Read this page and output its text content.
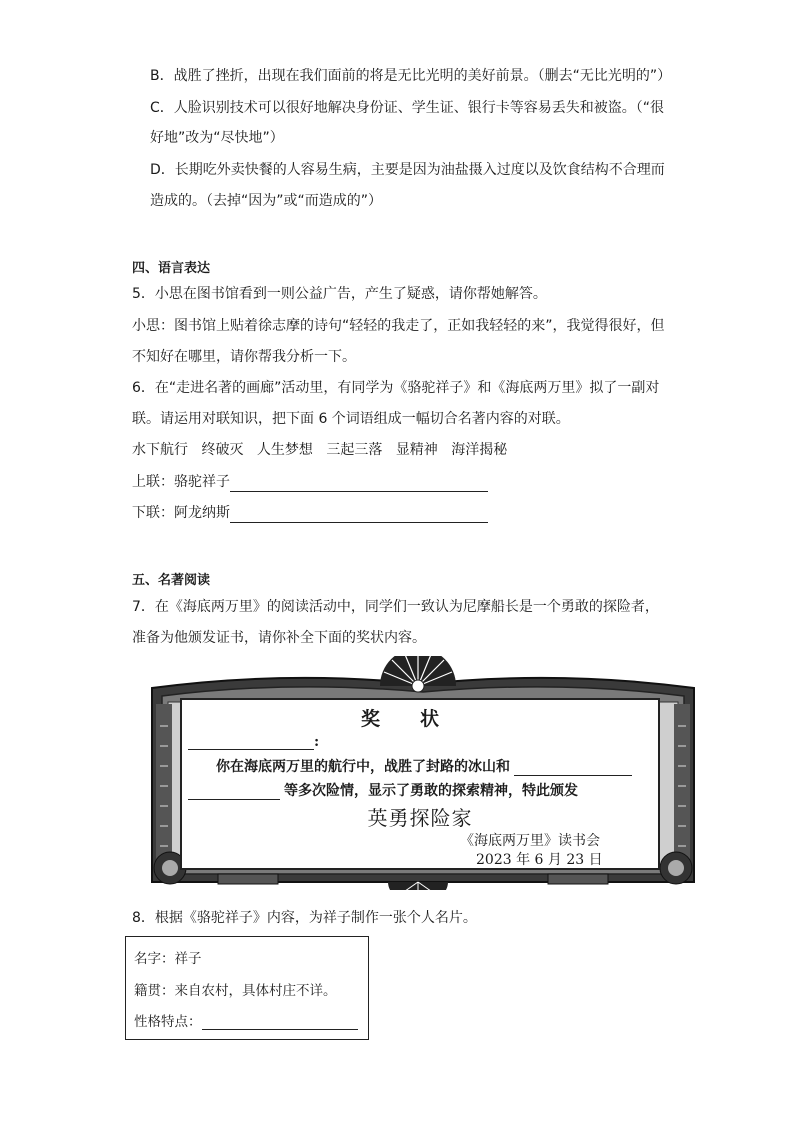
B．战胜了挫折，出现在我们面前的将是无比光明的美好前景。（删去“无比光明的”）
C．人脸识别技术可以很好地解决身份证、学生证、银行卡等容易丢失和被盗。（“很
好地”改为“尽快地”）
D．长期吃外卖快餐的人容易生病，主要是因为油盐摄入过度以及饮食结构不合理而
造成的。（去掉“因为”或“而造成的”）
四、语言表达
5．小思在图书馆看到一则公益广告，产生了疑惑，请你帮她解答。
小思：图书馆上贴着徐志摩的诗句“轻轻的我走了，正如我轻轻的来”，我觉得很好，但
不知好在哪里，请你帮我分析一下。
6．在“走进名著的画廊”活动里，有同学为《骆驼祥子》和《海底两万里》拟了一副对
联。请运用对联知识，把下面 6 个词语组成一幅切合名著内容的对联。
水下航行 终破灭 人生梦想 三起三落 显精神 海洋揭秘
上联：骆驼祥子
下联：阿龙纳斯
五、名著阅读
7．在《海底两万里》的阅读活动中，同学们一致认为尼摩船长是一个勇敢的探险者，
准备为他颁发证书，请你补全下面的奖状内容。
奖状
:
你在海底两万里的航行中，战胜了封路的冰山和
等多次险情，显示了勇敢的探索精神，特此颁发
英勇探险家
《海底两万里》读书会
2023 年 6 月 23 日
8．根据《骆驼祥子》内容，为祥子制作一张个人名片。
名字：祥子
籍贯：来自农村，具体村庄不详。
性格特点：
